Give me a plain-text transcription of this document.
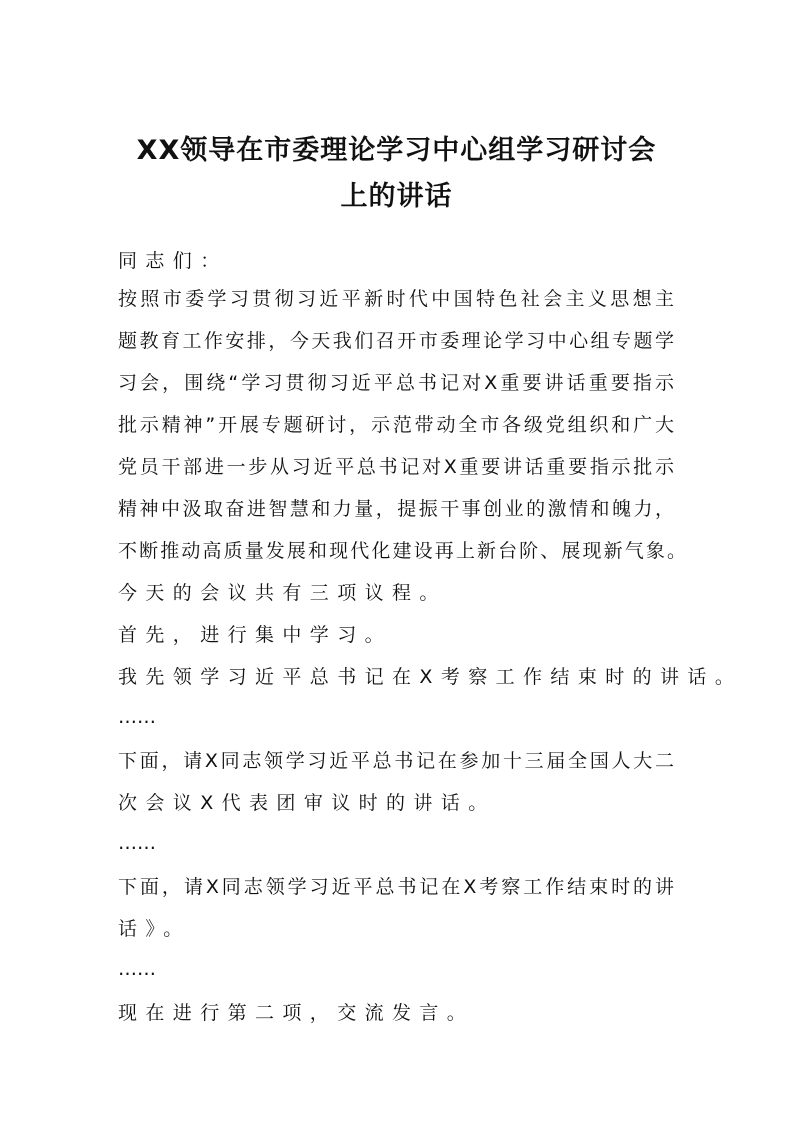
XX领导在市委理论学习中心组学习研讨会
上的讲话
同志们：
按照市委学习贯彻习近平新时代中国特色社会主义思想主
题教育工作安排，今天我们召开市委理论学习中心组专题学
习会，围绕“学习贯彻习近平总书记对X重要讲话重要指示
批示精神”开展专题研讨，示范带动全市各级党组织和广大
党员干部进一步从习近平总书记对X重要讲话重要指示批示
精神中汲取奋进智慧和力量，提振干事创业的激情和魄力，
不断推动高质量发展和现代化建设再上新台阶、展现新气象。
今天的会议共有三项议程。
首先，进行集中学习。
我先领学习近平总书记在X考察工作结束时的讲话。
……
下面，请X同志领学习近平总书记在参加十三届全国人大二
次会议X代表团审议时的讲话。
……
下面，请X同志领学习近平总书记在X考察工作结束时的讲
话》。
……
现在进行第二项，交流发言。
